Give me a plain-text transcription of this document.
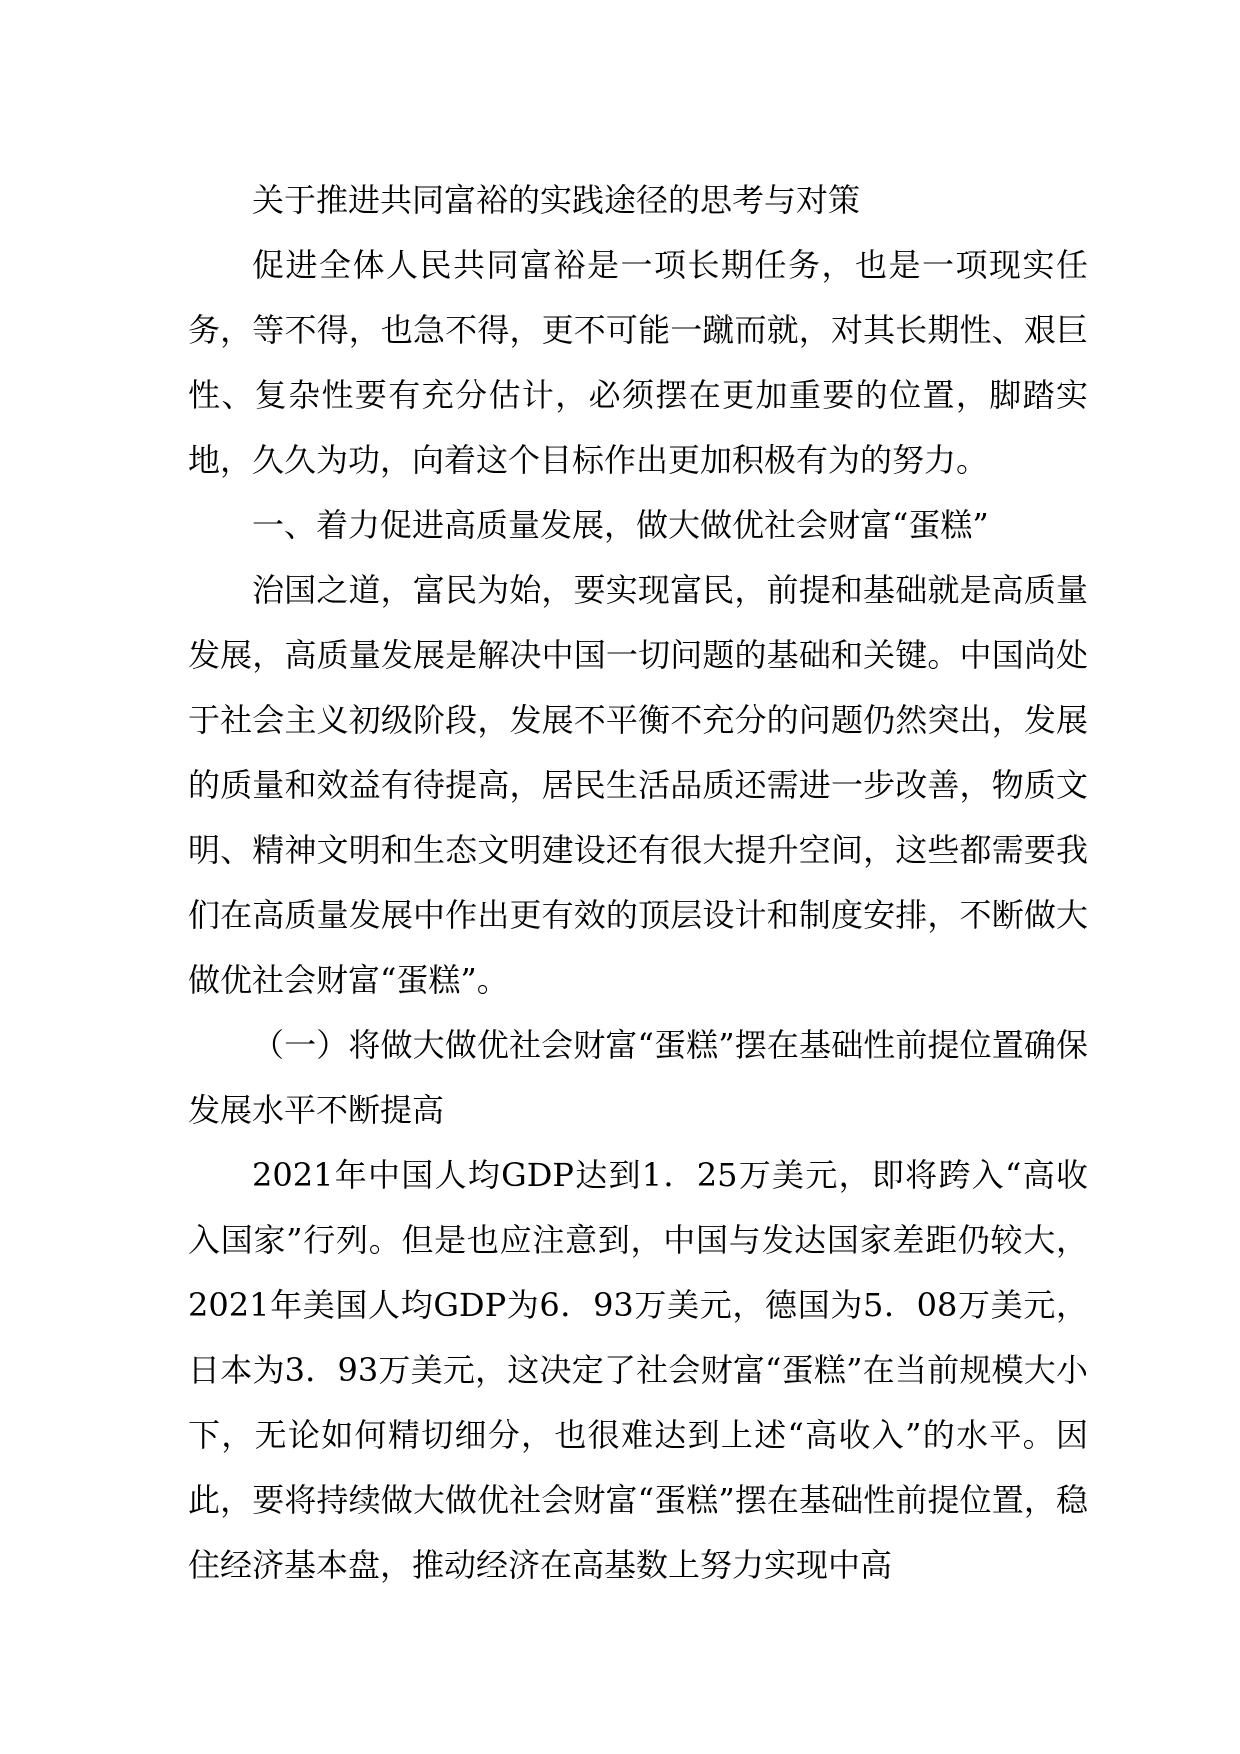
关于推进共同富裕的实践途径的思考与对策

促进全体人民共同富裕是一项长期任务，也是一项现实任务，等不得，也急不得，更不可能一蹴而就，对其长期性、艰巨性、复杂性要有充分估计，必须摆在更加重要的位置，脚踏实地，久久为功，向着这个目标作出更加积极有为的努力。

一、着力促进高质量发展，做大做优社会财富“蛋糕”

治国之道，富民为始，要实现富民，前提和基础就是高质量发展，高质量发展是解决中国一切问题的基础和关键。中国尚处于社会主义初级阶段，发展不平衡不充分的问题仍然突出，发展的质量和效益有待提高，居民生活品质还需进一步改善，物质文明、精神文明和生态文明建设还有很大提升空间，这些都需要我们在高质量发展中作出更有效的顶层设计和制度安排，不断做大做优社会财富“蛋糕”。

（一）将做大做优社会财富“蛋糕”摆在基础性前提位置确保发展水平不断提高

2021年中国人均GDP达到1．25万美元，即将跨入“高收入国家”行列。但是也应注意到，中国与发达国家差距仍较大，2021年美国人均GDP为6．93万美元，德国为5．08万美元，日本为3．93万美元，这决定了社会财富“蛋糕”在当前规模大小下，无论如何精切细分，也很难达到上述“高收入”的水平。因此，要将持续做大做优社会财富“蛋糕”摆在基础性前提位置，稳住经济基本盘，推动经济在高基数上努力实现中高
